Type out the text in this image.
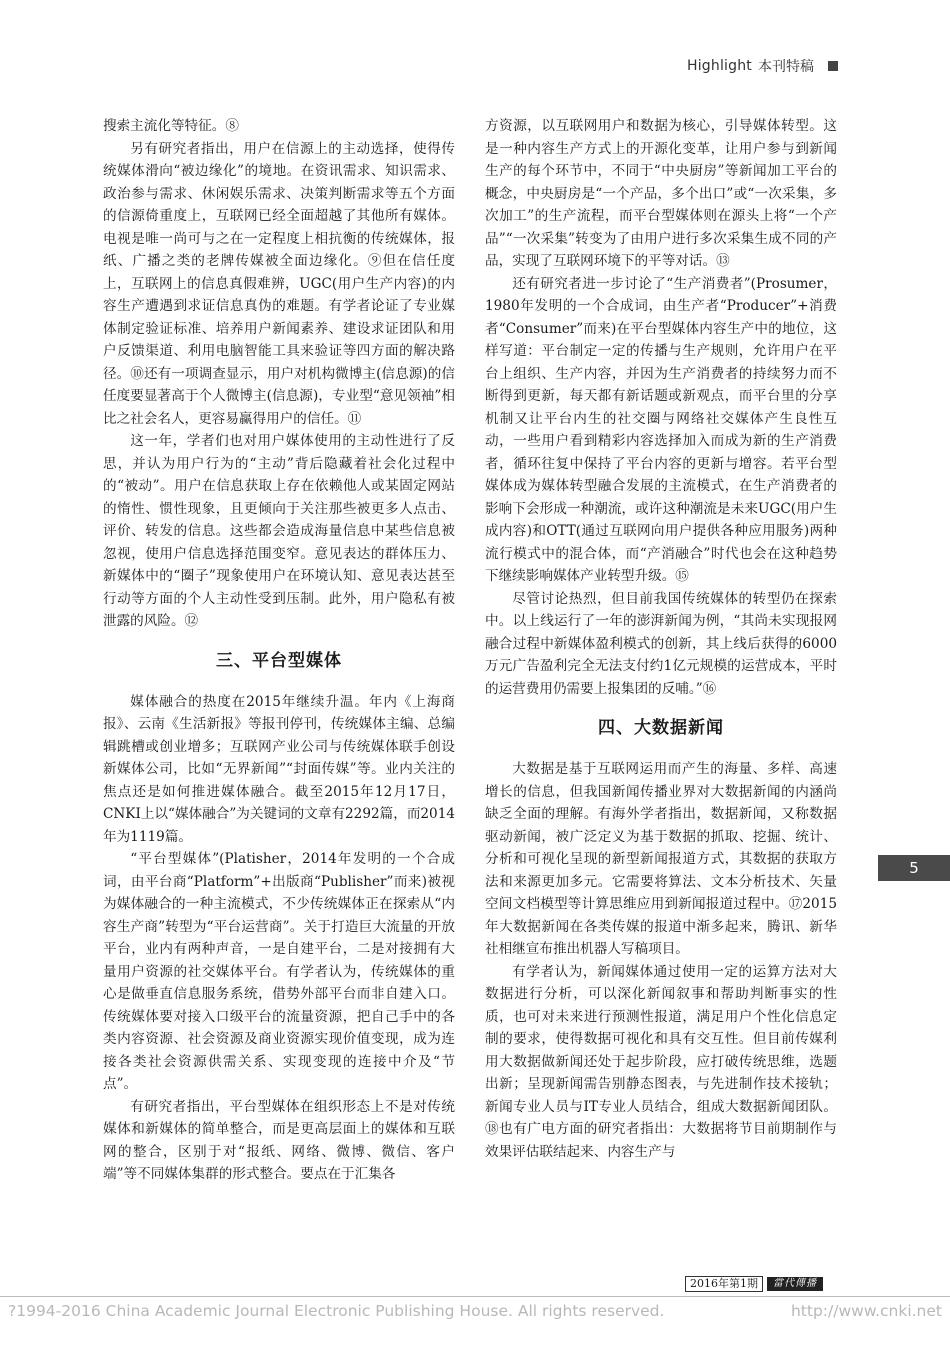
Highlight 本刊特稿

搜索主流化等特征。⑧

另有研究者指出，用户在信源上的主动选择，使得传统媒体滑向“被边缘化”的境地。在资讯需求、知识需求、政治参与需求、休闲娱乐需求、决策判断需求等五个方面的信源倚重度上，互联网已经全面超越了其他所有媒体。电视是唯一尚可与之在一定程度上相抗衡的传统媒体，报纸、广播之类的老牌传媒被全面边缘化。⑨但在信任度上，互联网上的信息真假难辨，UGC(用户生产内容)的内容生产遭遇到求证信息真伪的难题。有学者论证了专业媒体制定验证标准、培养用户新闻素养、建设求证团队和用户反馈渠道、利用电脑智能工具来验证等四方面的解决路径。⑩还有一项调查显示，用户对机构微博主(信息源)的信任度要显著高于个人微博主(信息源)，专业型“意见领袖”相比之社会名人，更容易赢得用户的信任。⑪

这一年，学者们也对用户媒体使用的主动性进行了反思，并认为用户行为的“主动”背后隐藏着社会化过程中的“被动”。用户在信息获取上存在依赖他人或某固定网站的惰性、惯性现象，且更倾向于关注那些被更多人点击、评价、转发的信息。这些都会造成海量信息中某些信息被忽视，使用户信息选择范围变窄。意见表达的群体压力、新媒体中的“圈子”现象使用户在环境认知、意见表达甚至行动等方面的个人主动性受到压制。此外，用户隐私有被泄露的风险。⑫

三、平台型媒体

媒体融合的热度在2015年继续升温。年内《上海商报》、云南《生活新报》等报刊停刊，传统媒体主编、总编辑跳槽或创业增多；互联网产业公司与传统媒体联手创设新媒体公司，比如“无界新闻”“封面传媒”等。业内关注的焦点还是如何推进媒体融合。截至2015年12月17日，CNKI上以“媒体融合”为关键词的文章有2292篇，而2014年为1119篇。

“平台型媒体”(Platisher，2014年发明的一个合成词，由平台商“Platform”+出版商“Publisher”而来)被视为媒体融合的一种主流模式，不少传统媒体正在探索从“内容生产商”转型为“平台运营商”。关于打造巨大流量的开放平台，业内有两种声音，一是自建平台，二是对接拥有大量用户资源的社交媒体平台。有学者认为，传统媒体的重心是做垂直信息服务系统，借势外部平台而非自建入口。传统媒体要对接入口级平台的流量资源，把自己手中的各类内容资源、社会资源及商业资源实现价值变现，成为连接各类社会资源供需关系、实现变现的连接中介及“节点”。

有研究者指出，平台型媒体在组织形态上不是对传统媒体和新媒体的简单整合，而是更高层面上的媒体和互联网的整合，区别于对“报纸、网络、微博、微信、客户端”等不同媒体集群的形式整合。要点在于汇集各

方资源，以互联网用户和数据为核心，引导媒体转型。这是一种内容生产方式上的开源化变革，让用户参与到新闻生产的每个环节中，不同于“中央厨房”等新闻加工平台的概念，中央厨房是“一个产品，多个出口”或“一次采集，多次加工”的生产流程，而平台型媒体则在源头上将“一个产品”“一次采集”转变为了由用户进行多次采集生成不同的产品，实现了互联网环境下的平等对话。⑬

还有研究者进一步讨论了“生产消费者”(Prosumer，1980年发明的一个合成词，由生产者“Producer”+消费者“Consumer”而来)在平台型媒体内容生产中的地位，这样写道：平台制定一定的传播与生产规则，允许用户在平台上组织、生产内容，并因为生产消费者的持续努力而不断得到更新，每天都有新话题或新观点，而平台里的分享机制又让平台内生的社交圈与网络社交媒体产生良性互动，一些用户看到精彩内容选择加入而成为新的生产消费者，循环往复中保持了平台内容的更新与增容。若平台型媒体成为媒体转型融合发展的主流模式，在生产消费者的影响下会形成一种潮流，或许这种潮流是未来UGC(用户生成内容)和OTT(通过互联网向用户提供各种应用服务)两种流行模式中的混合体，而“产消融合”时代也会在这种趋势下继续影响媒体产业转型升级。⑮

尽管讨论热烈，但目前我国传统媒体的转型仍在探索中。以上线运行了一年的澎湃新闻为例，“其尚未实现报网融合过程中新媒体盈利模式的创新，其上线后获得的6000万元广告盈利完全无法支付约1亿元规模的运营成本，平时的运营费用仍需要上报集团的反哺。”⑯

四、大数据新闻

大数据是基于互联网运用而产生的海量、多样、高速增长的信息，但我国新闻传播业界对大数据新闻的内涵尚缺乏全面的理解。有海外学者指出，数据新闻，又称数据驱动新闻，被广泛定义为基于数据的抓取、挖掘、统计、分析和可视化呈现的新型新闻报道方式，其数据的获取方法和来源更加多元。它需要将算法、文本分析技术、矢量空间文档模型等计算思维应用到新闻报道过程中。⑰2015年大数据新闻在各类传媒的报道中渐多起来，腾讯、新华社相继宣布推出机器人写稿项目。

有学者认为，新闻媒体通过使用一定的运算方法对大数据进行分析，可以深化新闻叙事和帮助判断事实的性质，也可对未来进行预测性报道，满足用户个性化信息定制的要求，使得数据可视化和具有交互性。但目前传媒利用大数据做新闻还处于起步阶段，应打破传统思维，选题出新；呈现新闻需告别静态图表，与先进制作技术接轨；新闻专业人员与IT专业人员结合，组成大数据新闻团队。⑱也有广电方面的研究者指出：大数据将节目前期制作与效果评估联结起来、内容生产与

5
2016年第1期	當代傳播
?1994-2016 China Academic Journal Electronic Publishing House. All rights reserved.	http://www.cnki.net
